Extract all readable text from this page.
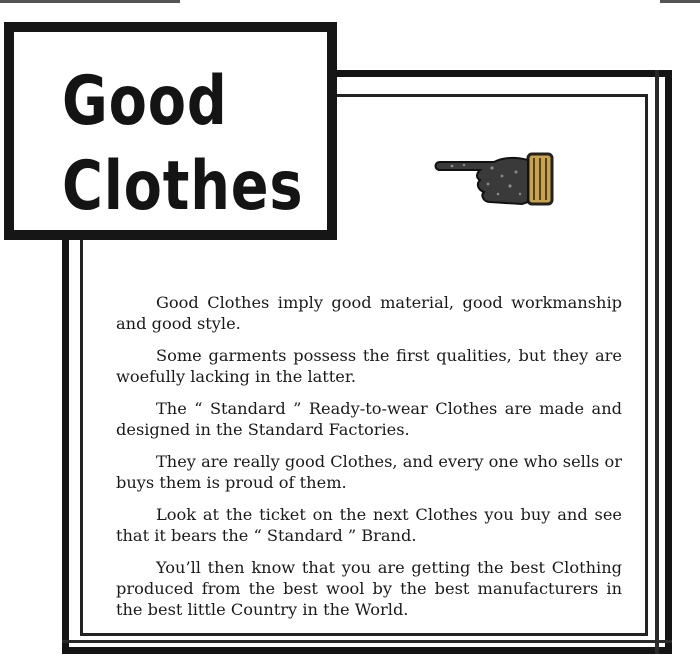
Good
Clothes

Good Clothes imply good material, good workmanship and good style.

Some garments possess the first qualities, but they are woefully lacking in the latter.

The “ Standard ” Ready-to-wear Clothes are made and designed in the Standard Factories.

They are really good Clothes, and every one who sells or buys them is proud of them.

Look at the ticket on the next Clothes you buy and see that it bears the “ Standard ” Brand.

You’ll then know that you are getting the best Clothing produced from the best wool by the best manufacturers in the best little Country in the World.
